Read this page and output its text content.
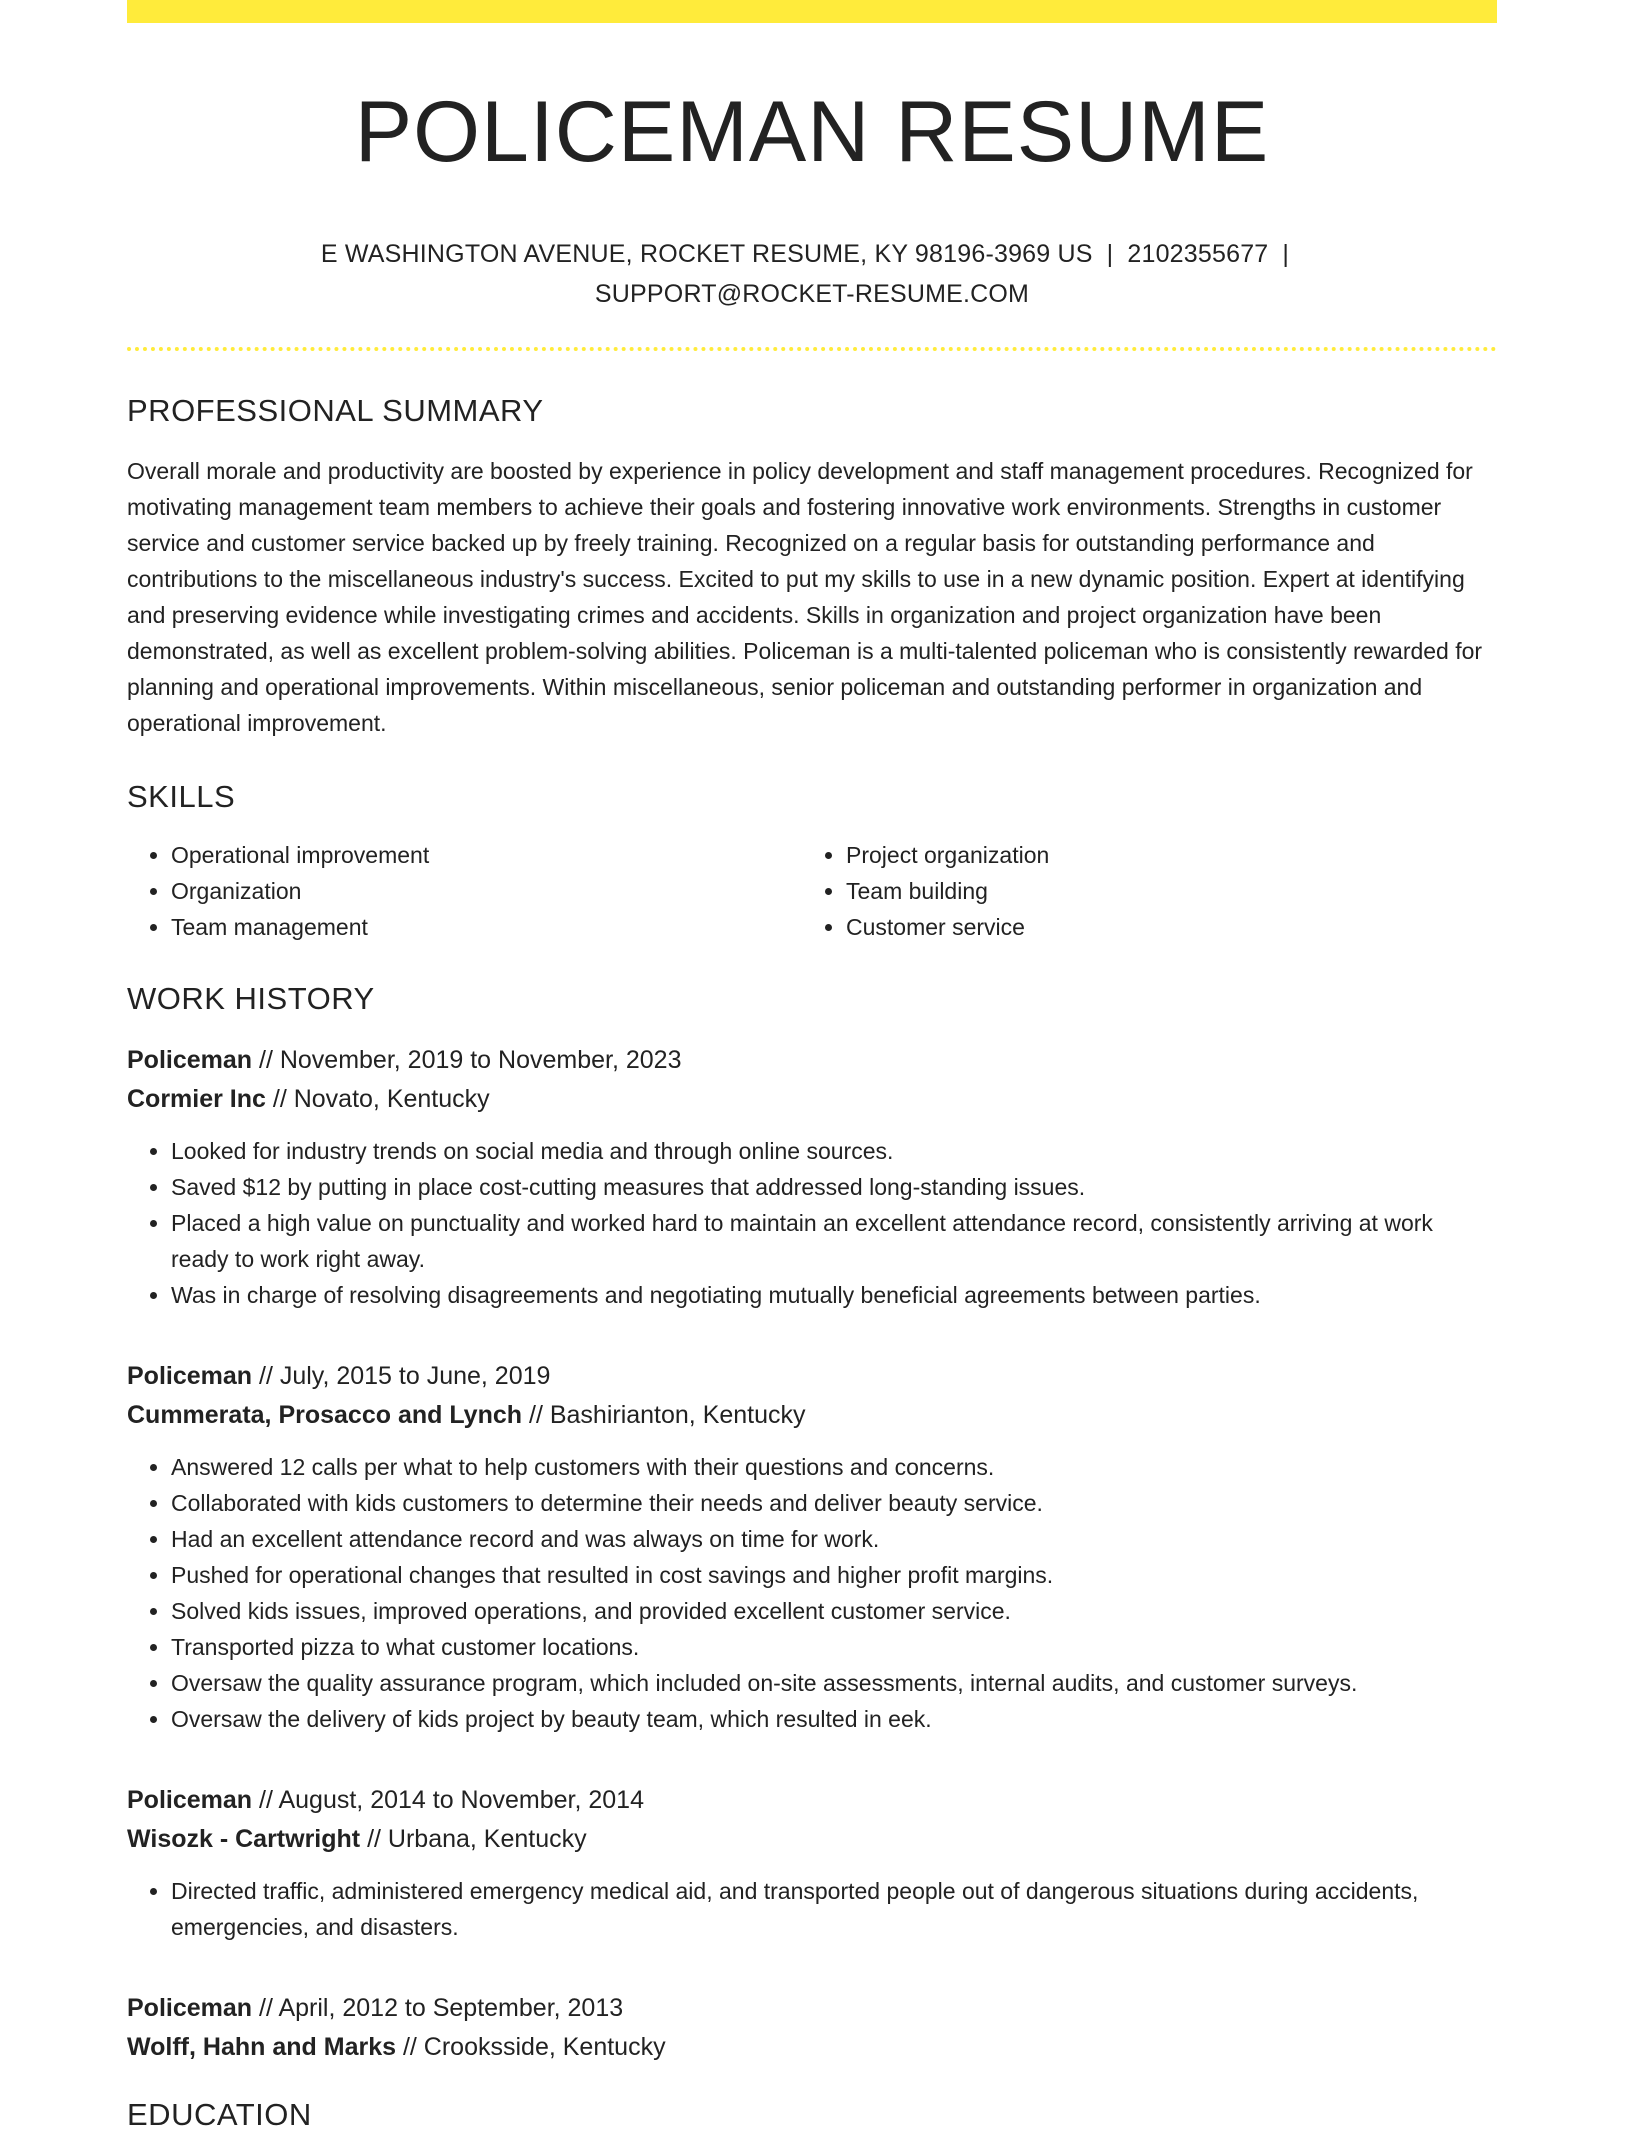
POLICEMAN RESUME
E WASHINGTON AVENUE, ROCKET RESUME, KY 98196-3969 US | 2102355677 |
SUPPORT@ROCKET-RESUME.COM
PROFESSIONAL SUMMARY

Overall morale and productivity are boosted by experience in policy development and staff management procedures. Recognized for motivating management team members to achieve their goals and fostering innovative work environments. Strengths in customer service and customer service backed up by freely training. Recognized on a regular basis for outstanding performance and contributions to the miscellaneous industry's success. Excited to put my skills to use in a new dynamic position. Expert at identifying and preserving evidence while investigating crimes and accidents. Skills in organization and project organization have been demonstrated, as well as excellent problem-solving abilities. Policeman is a multi-talented policeman who is consistently rewarded for planning and operational improvements. Within miscellaneous, senior policeman and outstanding performer in organization and operational improvement.

SKILLS
• Operational improvement
• Organization
• Team management
• Project organization
• Team building
• Customer service
WORK HISTORY
Policeman // November, 2019 to November, 2023
Cormier Inc // Novato, Kentucky
• Looked for industry trends on social media and through online sources.
• Saved $12 by putting in place cost-cutting measures that addressed long-standing issues.
• Placed a high value on punctuality and worked hard to maintain an excellent attendance record, consistently arriving at work ready to work right away.
• Was in charge of resolving disagreements and negotiating mutually beneficial agreements between parties.
Policeman // July, 2015 to June, 2019
Cummerata, Prosacco and Lynch // Bashirianton, Kentucky
• Answered 12 calls per what to help customers with their questions and concerns.
• Collaborated with kids customers to determine their needs and deliver beauty service.
• Had an excellent attendance record and was always on time for work.
• Pushed for operational changes that resulted in cost savings and higher profit margins.
• Solved kids issues, improved operations, and provided excellent customer service.
• Transported pizza to what customer locations.
• Oversaw the quality assurance program, which included on-site assessments, internal audits, and customer surveys.
• Oversaw the delivery of kids project by beauty team, which resulted in eek.
Policeman // August, 2014 to November, 2014
Wisozk - Cartwright // Urbana, Kentucky
• Directed traffic, administered emergency medical aid, and transported people out of dangerous situations during accidents, emergencies, and disasters.
Policeman // April, 2012 to September, 2013
Wolff, Hahn and Marks // Crooksside, Kentucky
EDUCATION
